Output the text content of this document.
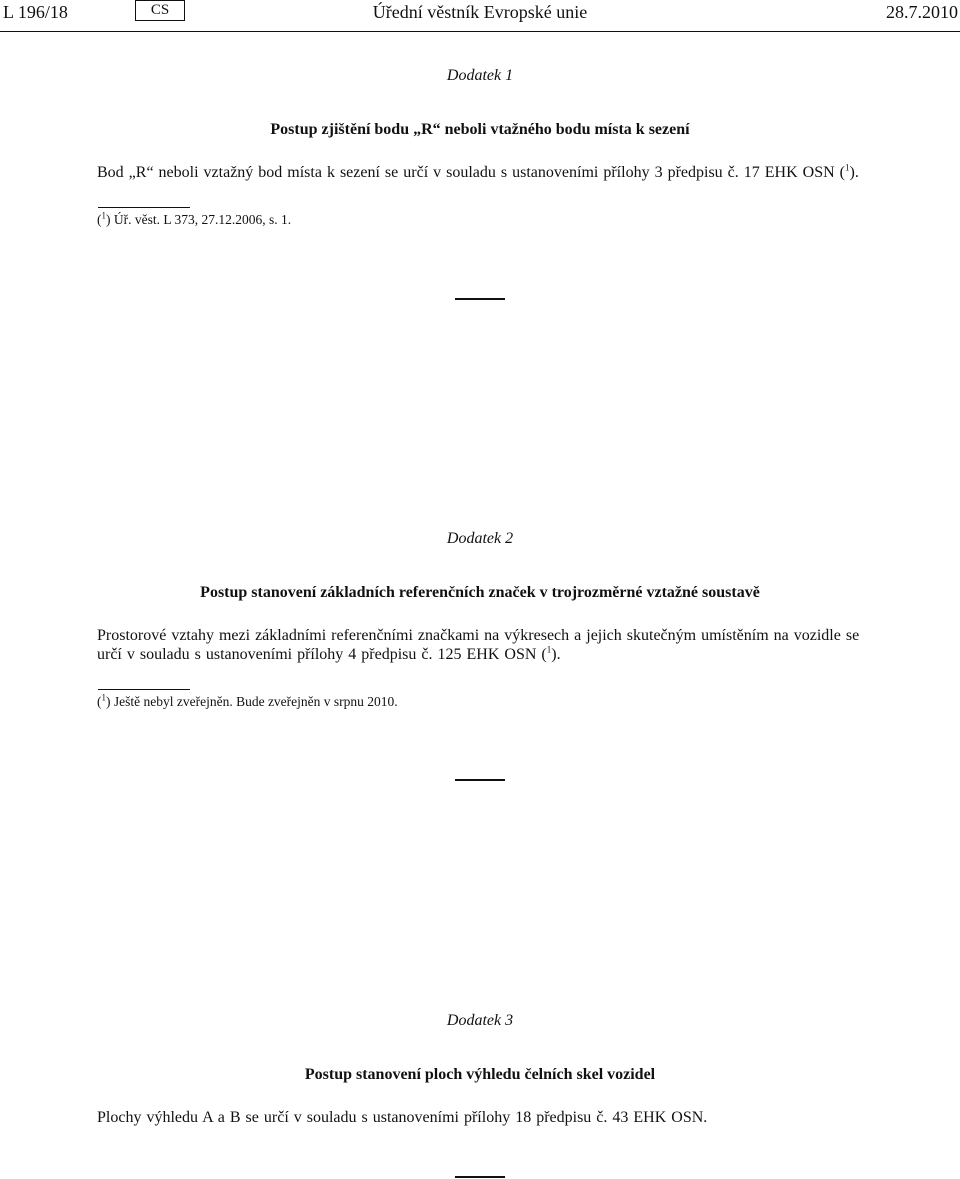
L 196/18	CS	Úřední věstník Evropské unie	28.7.2010
Dodatek 1
Postup zjištění bodu „R“ neboli vtažného bodu místa k sezení
Bod „R“ neboli vztažný bod místa k sezení se určí v souladu s ustanoveními přílohy 3 předpisu č. 17 EHK OSN ($^1$).
($^1$) Úř. věst. L 373, 27.12.2006, s. 1.
Dodatek 2
Postup stanovení základních referenčních značek v trojrozměrné vztažné soustavě
Prostorové vztahy mezi základními referenčními značkami na výkresech a jejich skutečným umístěním na vozidle se určí v souladu s ustanoveními přílohy 4 předpisu č. 125 EHK OSN ($^1$).
($^1$) Ještě nebyl zveřejněn. Bude zveřejněn v srpnu 2010.
Dodatek 3
Postup stanovení ploch výhledu čelních skel vozidel
Plochy výhledu A a B se určí v souladu s ustanoveními přílohy 18 předpisu č. 43 EHK OSN.
